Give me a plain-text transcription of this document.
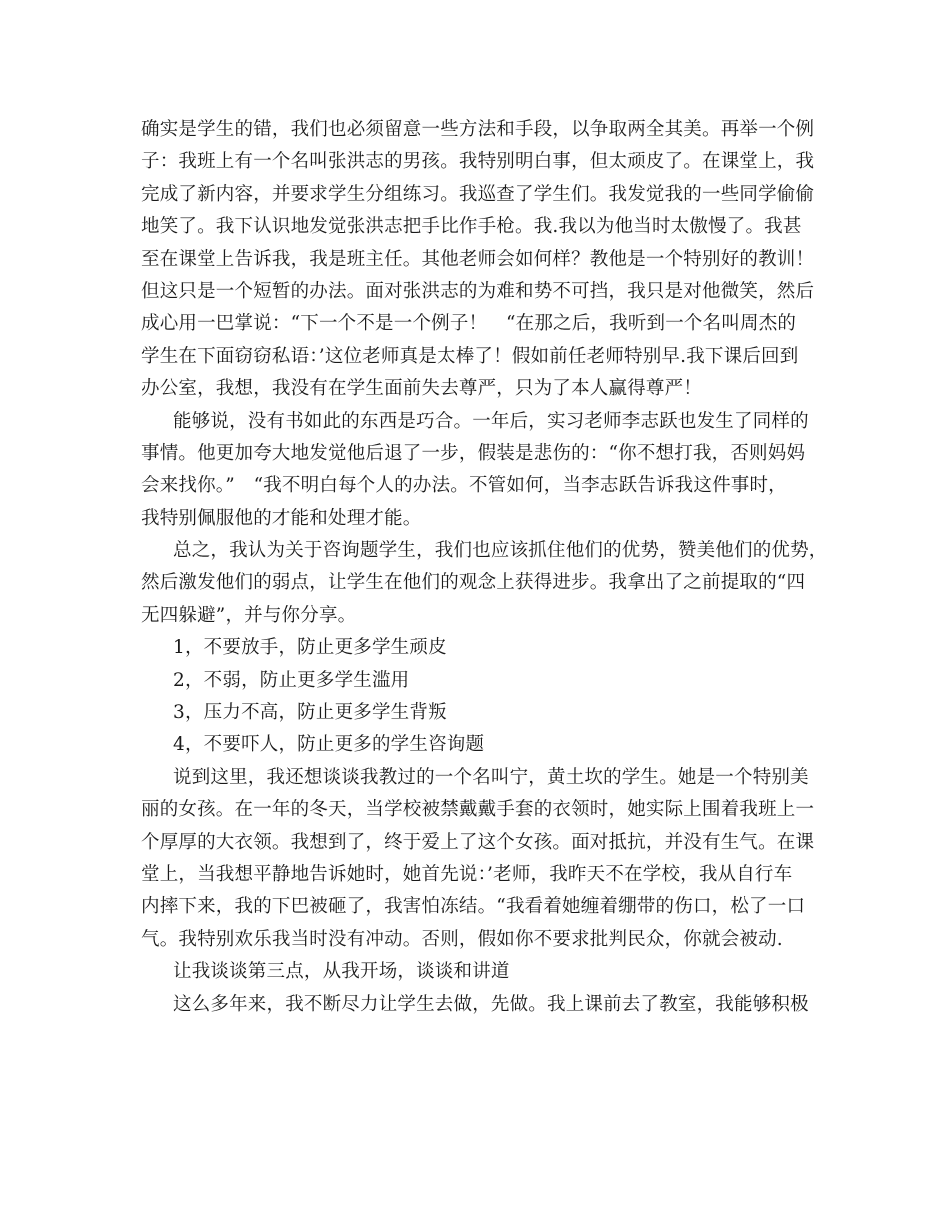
确实是学生的错，我们也必须留意一些方法和手段，以争取两全其美。再举一个例
子：我班上有一个名叫张洪志的男孩。我特别明白事，但太顽皮了。在课堂上，我
完成了新内容，并要求学生分组练习。我巡查了学生们。我发觉我的一些同学偷偷
地笑了。我下认识地发觉张洪志把手比作手枪。我.我以为他当时太傲慢了。我甚
至在课堂上告诉我，我是班主任。其他老师会如何样？教他是一个特别好的教训！
但这只是一个短暂的办法。面对张洪志的为难和势不可挡，我只是对他微笑，然后
成心用一巴掌说：“下一个不是一个例子！　“在那之后，我听到一个名叫周杰的
学生在下面窃窃私语：’这位老师真是太棒了！假如前任老师特别早.我下课后回到
办公室，我想，我没有在学生面前失去尊严，只为了本人赢得尊严！
能够说，没有书如此的东西是巧合。一年后，实习老师李志跃也发生了同样的
事情。他更加夸大地发觉他后退了一步，假装是悲伤的：“你不想打我，否则妈妈
会来找你。”　“我不明白每个人的办法。不管如何，当李志跃告诉我这件事时，
我特别佩服他的才能和处理才能。
总之，我认为关于咨询题学生，我们也应该抓住他们的优势，赞美他们的优势，
然后激发他们的弱点，让学生在他们的观念上获得进步。我拿出了之前提取的“四
无四躲避”，并与你分享。
1，不要放手，防止更多学生顽皮
2，不弱，防止更多学生滥用
3，压力不高，防止更多学生背叛
4，不要吓人，防止更多的学生咨询题
说到这里，我还想谈谈我教过的一个名叫宁，黄土坎的学生。她是一个特别美
丽的女孩。在一年的冬天，当学校被禁戴戴手套的衣领时，她实际上围着我班上一
个厚厚的大衣领。我想到了，终于爱上了这个女孩。面对抵抗，并没有生气。在课
堂上，当我想平静地告诉她时，她首先说：’老师，我昨天不在学校，我从自行车
内摔下来，我的下巴被砸了，我害怕冻结。“我看着她缠着绷带的伤口，松了一口
气。我特别欢乐我当时没有冲动。否则，假如你不要求批判民众，你就会被动.
让我谈谈第三点，从我开场，谈谈和讲道
这么多年来，我不断尽力让学生去做，先做。我上课前去了教室，我能够积极
